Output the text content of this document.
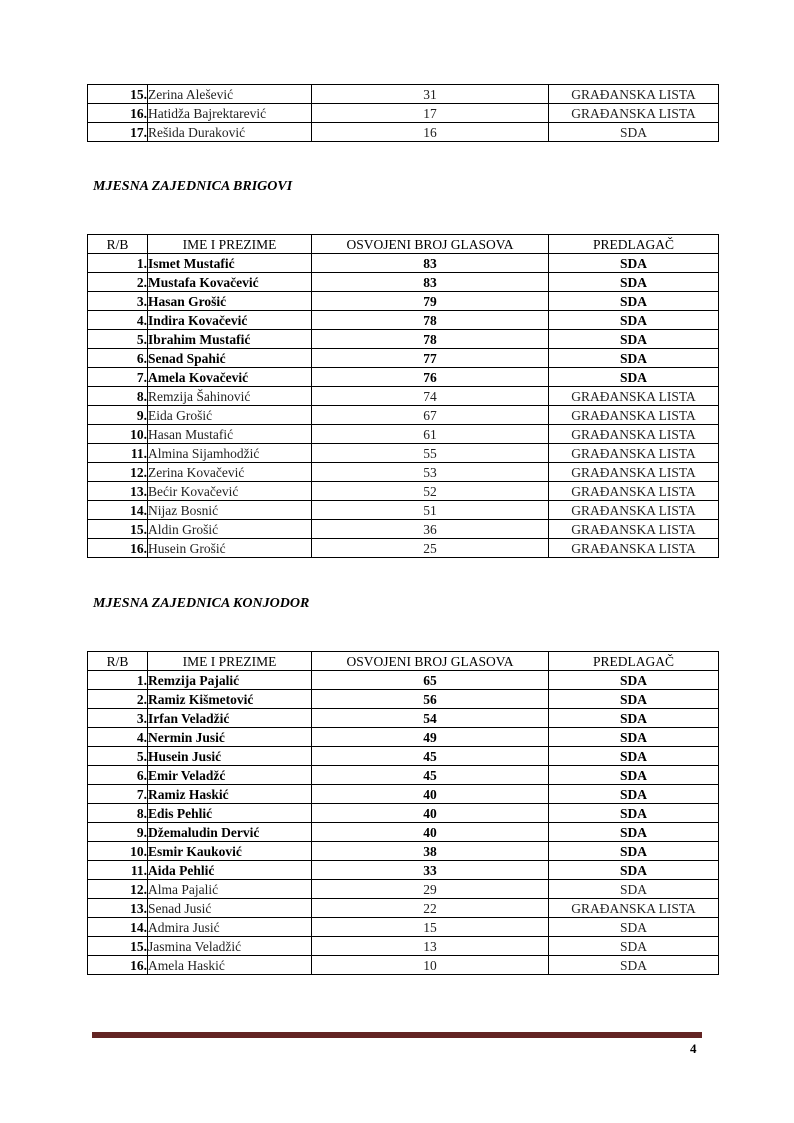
15.	Zerina Alešević	31	GRAĐANSKA LISTA
16.	Hatidža Bajrektarević	17	GRAĐANSKA LISTA
17.	Rešida Duraković	16	SDA
MJESNA ZAJEDNICA BRIGOVI
R/B	IME I PREZIME	OSVOJENI BROJ GLASOVA	PREDLAGAČ
1.	Ismet Mustafić	83	SDA
2.	Mustafa Kovačević	83	SDA
3.	Hasan Grošić	79	SDA
4.	Indira Kovačević	78	SDA
5.	Ibrahim Mustafić	78	SDA
6.	Senad Spahić	77	SDA
7.	Amela Kovačević	76	SDA
8.	Remzija Šahinović	74	GRAĐANSKA LISTA
9.	Eida Grošić	67	GRAĐANSKA LISTA
10.	Hasan Mustafić	61	GRAĐANSKA LISTA
11.	Almina Sijamhodžić	55	GRAĐANSKA LISTA
12.	Zerina Kovačević	53	GRAĐANSKA LISTA
13.	Bećir Kovačević	52	GRAĐANSKA LISTA
14.	Nijaz Bosnić	51	GRAĐANSKA LISTA
15.	Aldin Grošić	36	GRAĐANSKA LISTA
16.	Husein Grošić	25	GRAĐANSKA LISTA
MJESNA ZAJEDNICA KONJODOR
R/B	IME I PREZIME	OSVOJENI BROJ GLASOVA	PREDLAGAČ
1.	Remzija Pajalić	65	SDA
2.	Ramiz Kišmetović	56	SDA
3.	Irfan Veladžić	54	SDA
4.	Nermin Jusić	49	SDA
5.	Husein Jusić	45	SDA
6.	Emir Veladžć	45	SDA
7.	Ramiz Haskić	40	SDA
8.	Edis Pehlić	40	SDA
9.	Džemaludin Dervić	40	SDA
10.	Esmir Kauković	38	SDA
11.	Aida Pehlić	33	SDA
12.	Alma Pajalić	29	SDA
13.	Senad Jusić	22	GRAĐANSKA LISTA
14.	Admira Jusić	15	SDA
15.	Jasmina Veladžić	13	SDA
16.	Amela Haskić	10	SDA
4
